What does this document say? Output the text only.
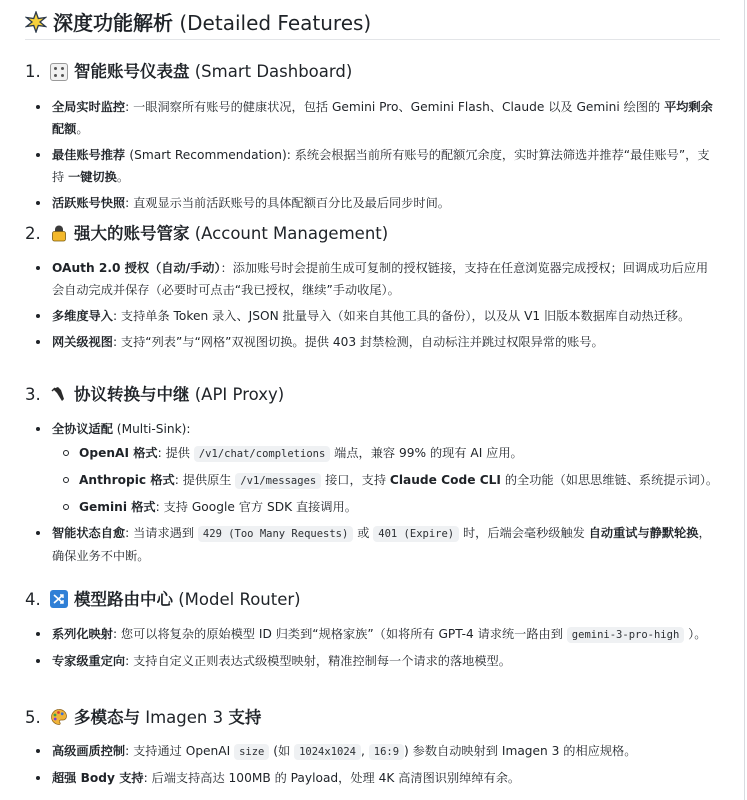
深度功能解析 (Detailed Features)
1. 智能账号仪表盘 (Smart Dashboard)
全局实时监控: 一眼洞察所有账号的健康状况，包括 Gemini Pro、Gemini Flash、Claude 以及 Gemini 绘图的 平均剩余配额。
最佳账号推荐 (Smart Recommendation): 系统会根据当前所有账号的配额冗余度，实时算法筛选并推荐“最佳账号”，支持 一键切换。
活跃账号快照: 直观显示当前活跃账号的具体配额百分比及最后同步时间。
2. 强大的账号管家 (Account Management)
OAuth 2.0 授权（自动/手动）：添加账号时会提前生成可复制的授权链接，支持在任意浏览器完成授权；回调成功后应用会自动完成并保存（必要时可点击“我已授权，继续”手动收尾）。
多维度导入: 支持单条 Token 录入、JSON 批量导入（如来自其他工具的备份），以及从 V1 旧版本数据库自动热迁移。
网关级视图: 支持“列表”与“网格”双视图切换。提供 403 封禁检测，自动标注并跳过权限异常的账号。
3. 协议转换与中继 (API Proxy)
全协议适配 (Multi-Sink):
OpenAI 格式: 提供 /v1/chat/completions 端点，兼容 99% 的现有 AI 应用。
Anthropic 格式: 提供原生 /v1/messages 接口，支持 Claude Code CLI 的全功能（如思思维链、系统提示词）。
Gemini 格式: 支持 Google 官方 SDK 直接调用。
智能状态自愈: 当请求遇到 429 (Too Many Requests) 或 401 (Expire) 时，后端会毫秒级触发 自动重试与静默轮换，确保业务不中断。
4. 模型路由中心 (Model Router)
系列化映射: 您可以将复杂的原始模型 ID 归类到“规格家族”（如将所有 GPT-4 请求统一路由到 gemini-3-pro-high ）。
专家级重定向: 支持自定义正则表达式级模型映射，精准控制每一个请求的落地模型。
5. 多模态与 Imagen 3 支持
高级画质控制: 支持通过 OpenAI size (如 1024x1024 , 16:9 ) 参数自动映射到 Imagen 3 的相应规格。
超强 Body 支持: 后端支持高达 100MB 的 Payload，处理 4K 高清图识别绰绰有余。
